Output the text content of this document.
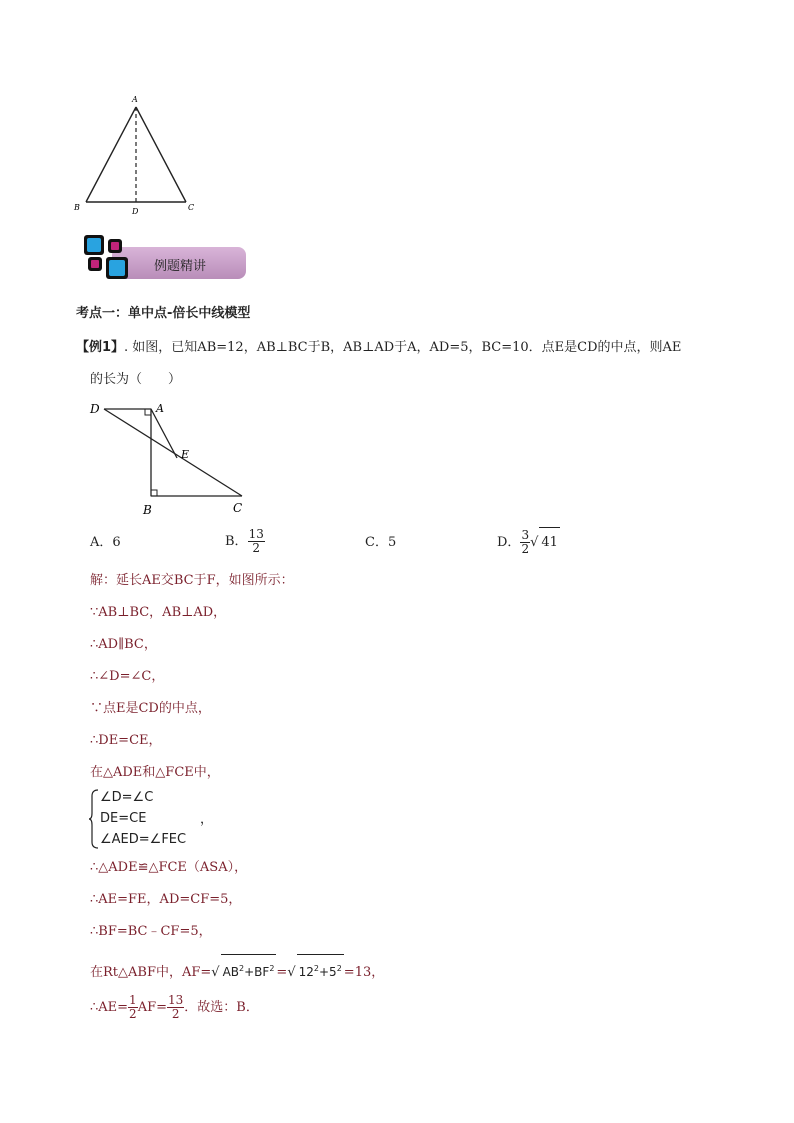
A
B	D	C
例题精讲
考点一：单中点-倍长中线模型
【例1】. 如图，已知AB=12，AB⊥BC于B，AB⊥AD于A，AD=5，BC=10．点E是CD的中点，则AE
的长为（　　）
D	A
E
B	C
A．6	B． $\frac{13}{2}$	C．5	D． $\frac{3}{2}$ √ 41
解：延长AE交BC于F，如图所示：
∵AB⊥BC，AB⊥AD，
∴AD∥BC，
∴∠D=∠C，
∵点E是CD的中点，
∴DE=CE，
在△ADE和△FCE中，
∠D=∠C
DE=CE
∠AED=∠FEC
，
∴△ADE≌△FCE（ASA），
∴AE=FE，AD=CF=5，
∴BF=BC﹣CF=5，
在Rt△ABF中，AF=√ $AB^2+BF^2$ =√ $12^2+5^2 =13$，
∴AE= $\frac{1}{2} AF= \frac{13}{2}$ ．故选：B．
